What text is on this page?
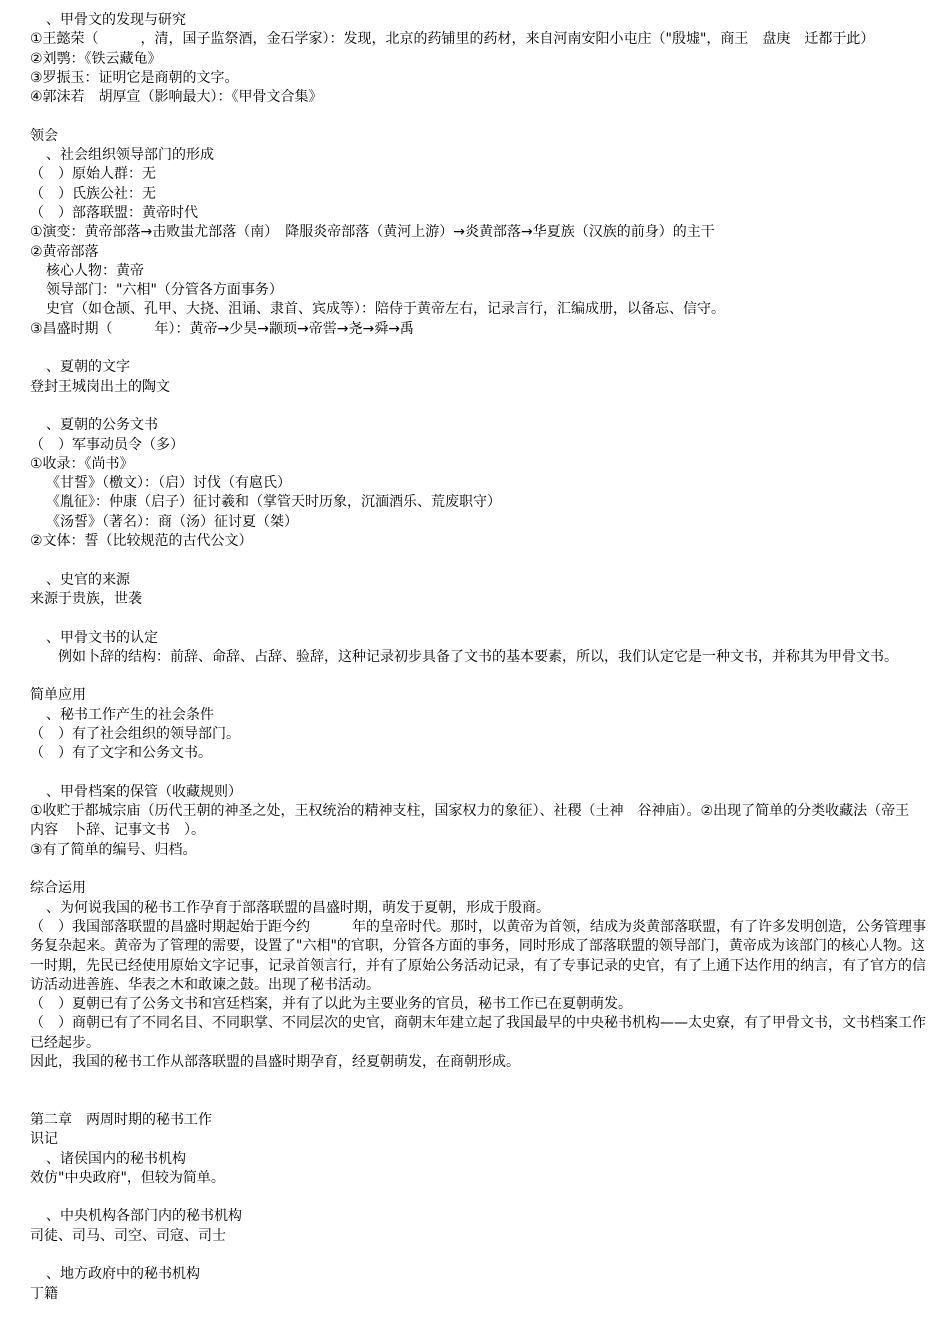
、甲骨文的发现与研究
①王懿荣（　　　，清，国子监祭酒，金石学家）：发现，北京的药铺里的药材，来自河南安阳小屯庄（"殷墟"，商王　盘庚　迁都于此）
②刘鹗：《铁云藏龟》
③罗振玉：证明它是商朝的文字。
④郭沫若　胡厚宣（影响最大）：《甲骨文合集》
领会
、社会组织领导部门的形成
（　）原始人群：无
（　）氏族公社：无
（　）部落联盟：黄帝时代
①演变：黄帝部落→击败蚩尤部落（南）　降服炎帝部落（黄河上游）→炎黄部落→华夏族（汉族的前身）的主干
②黄帝部落
核心人物：黄帝
领导部门："六相"（分管各方面事务）
史官（如仓颉、孔甲、大挠、沮诵、隶首、宾成等）：陪侍于黄帝左右，记录言行，汇编成册，以备忘、信守。
③昌盛时期（　　　年）：黄帝→少昊→颛顼→帝喾→尧→舜→禹
、夏朝的文字
登封王城岗出土的陶文
、夏朝的公务文书
（　）军事动员令（多）
①收录：《尚书》
《甘誓》（檄文）：（启）讨伐（有扈氏）
《胤征》：仲康（启子）征讨羲和（掌管天时历象，沉湎酒乐、荒废职守）
《汤誓》（著名）：商（汤）征讨夏（桀）
②文体：誓（比较规范的古代公文）
、史官的来源
来源于贵族，世袭
、甲骨文书的认定
例如卜辞的结构：前辞、命辞、占辞、验辞，这种记录初步具备了文书的基本要素，所以，我们认定它是一种文书，并称其为甲骨文书。
简单应用
、秘书工作产生的社会条件
（　）有了社会组织的领导部门。
（　）有了文字和公务文书。
、甲骨档案的保管（收藏规则）
①收贮于都城宗庙（历代王朝的神圣之处，王权统治的精神支柱，国家权力的象征）、社稷（土神　谷神庙）。②出现了简单的分类收藏法（帝王　　内容　卜辞、记事文书　）。
③有了简单的编号、归档。
综合运用
、为何说我国的秘书工作孕育于部落联盟的昌盛时期，萌发于夏朝，形成于殷商。
（　）我国部落联盟的昌盛时期起始于距今约　　　年的皇帝时代。那时，以黄帝为首领，结成为炎黄部落联盟，有了许多发明创造，公务管理事务复杂起来。黄帝为了管理的需要，设置了"六相"的官职，分管各方面的事务，同时形成了部落联盟的领导部门，黄帝成为该部门的核心人物。这一时期，先民已经使用原始文字记事，记录首领言行，并有了原始公务活动记录，有了专事记录的史官，有了上通下达作用的纳言，有了官方的信访活动进善旌、华表之木和敢谏之鼓。出现了秘书活动。
（　）夏朝已有了公务文书和宫廷档案，并有了以此为主要业务的官员，秘书工作已在夏朝萌发。
（　）商朝已有了不同名目、不同职掌、不同层次的史官，商朝末年建立起了我国最早的中央秘书机构——太史寮，有了甲骨文书，文书档案工作已经起步。
因此，我国的秘书工作从部落联盟的昌盛时期孕育，经夏朝萌发，在商朝形成。
第二章　两周时期的秘书工作
识记
、诸侯国内的秘书机构
效仿"中央政府"，但较为简单。
、中央机构各部门内的秘书机构
司徒、司马、司空、司寇、司士
、地方政府中的秘书机构
丁籍
